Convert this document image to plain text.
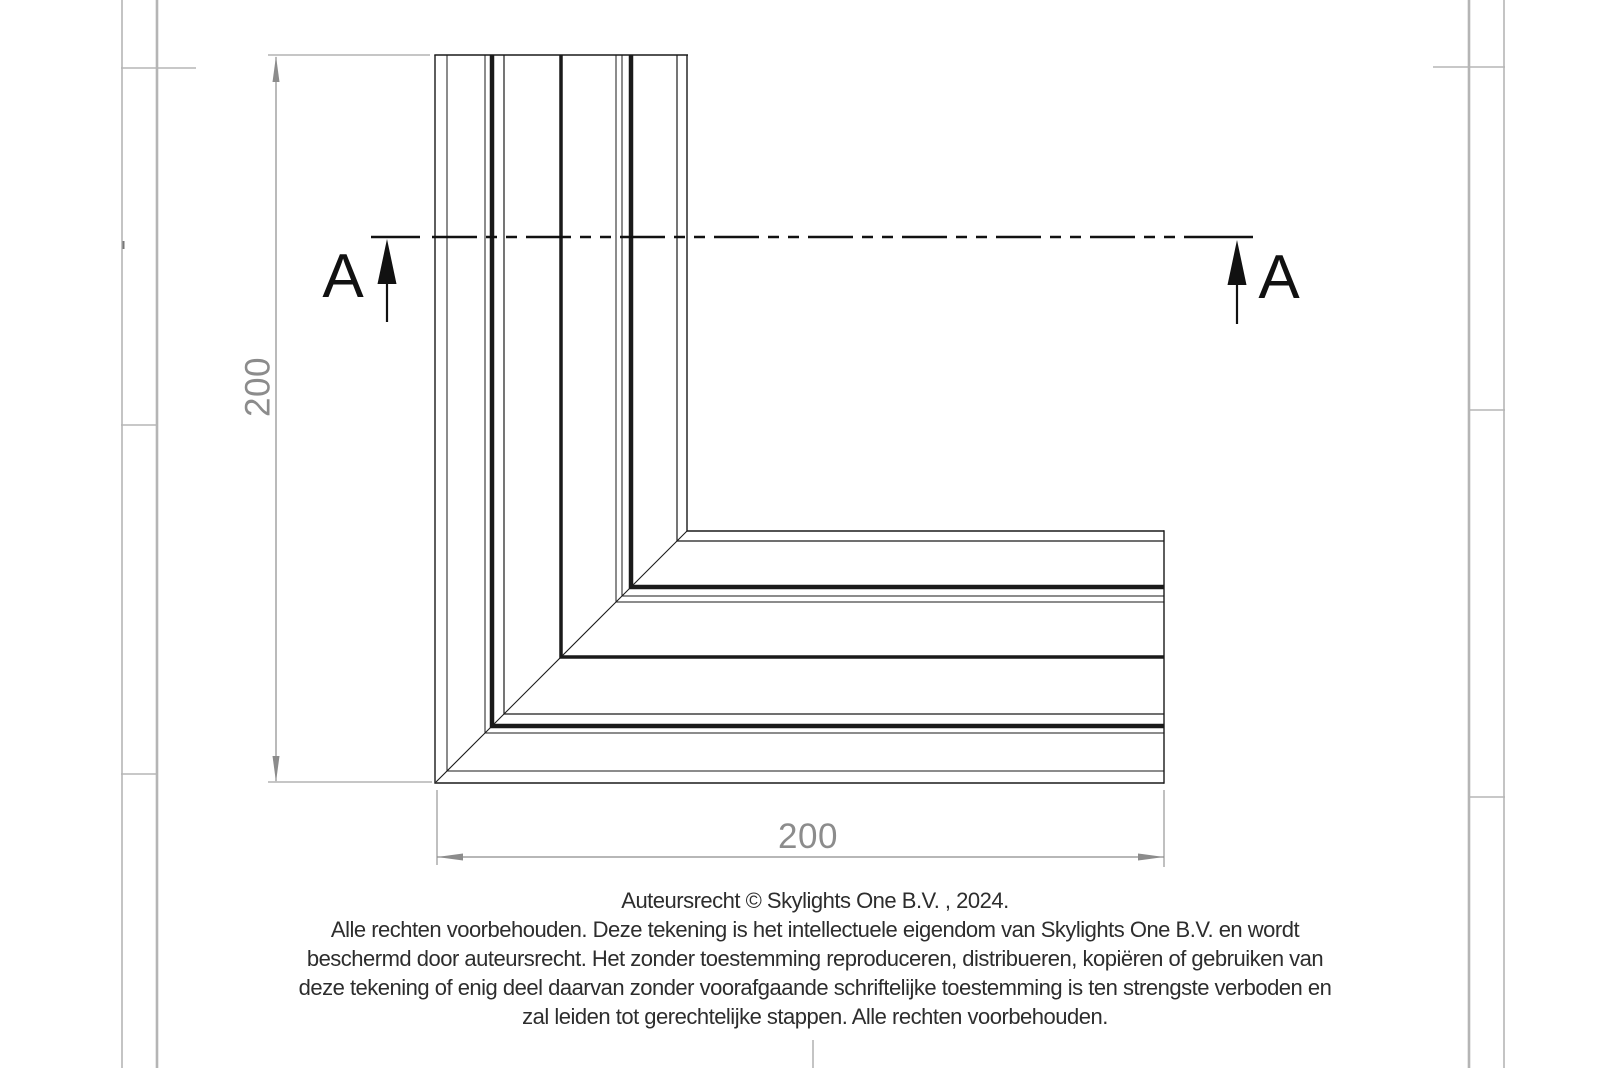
200
200
A	A
Auteursrecht © Skylights One B.V. , 2024.
Alle rechten voorbehouden. Deze tekening is het intellectuele eigendom van Skylights One B.V. en wordt
beschermd door auteursrecht. Het zonder toestemming reproduceren, distribueren, kopiëren of gebruiken van
deze tekening of enig deel daarvan zonder voorafgaande schriftelijke toestemming is ten strengste verboden en
zal leiden tot gerechtelijke stappen. Alle rechten voorbehouden.
